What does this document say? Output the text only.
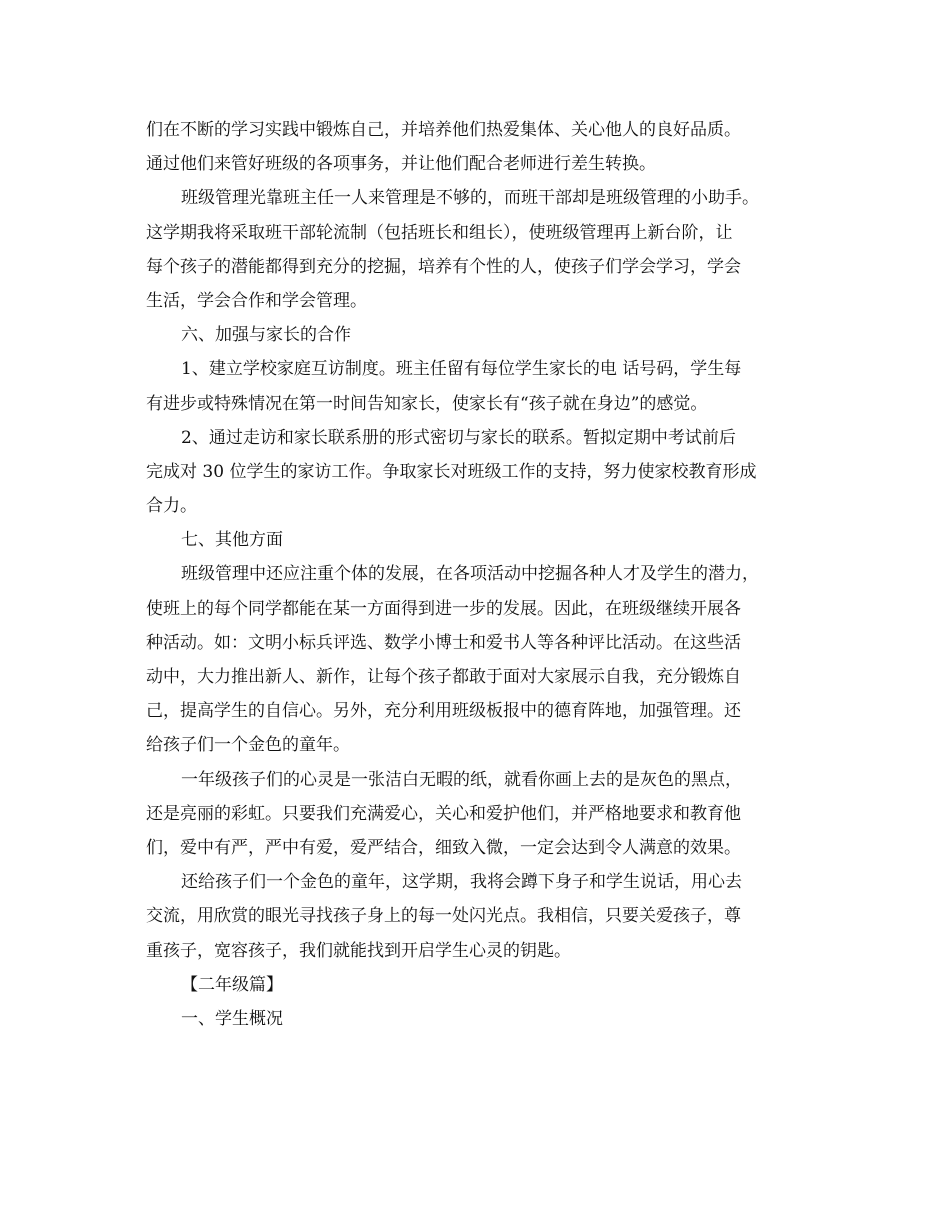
们在不断的学习实践中锻炼自己，并培养他们热爱集体、关心他人的良好品质。
通过他们来管好班级的各项事务，并让他们配合老师进行差生转换。
班级管理光靠班主任一人来管理是不够的，而班干部却是班级管理的小助手。
这学期我将采取班干部轮流制（包括班长和组长），使班级管理再上新台阶，让
每个孩子的潜能都得到充分的挖掘，培养有个性的人，使孩子们学会学习，学会
生活，学会合作和学会管理。
六、加强与家长的合作
1、建立学校家庭互访制度。班主任留有每位学生家长的电 话号码，学生每
有进步或特殊情况在第一时间告知家长，使家长有“孩子就在身边”的感觉。
2、通过走访和家长联系册的形式密切与家长的联系。暂拟定期中考试前后
完成对 30 位学生的家访工作。争取家长对班级工作的支持，努力使家校教育形成
合力。
七、其他方面
班级管理中还应注重个体的发展，在各项活动中挖掘各种人才及学生的潜力，
使班上的每个同学都能在某一方面得到进一步的发展。因此，在班级继续开展各
种活动。如：文明小标兵评选、数学小博士和爱书人等各种评比活动。在这些活
动中，大力推出新人、新作，让每个孩子都敢于面对大家展示自我，充分锻炼自
己，提高学生的自信心。另外，充分利用班级板报中的德育阵地，加强管理。还
给孩子们一个金色的童年。
一年级孩子们的心灵是一张洁白无暇的纸，就看你画上去的是灰色的黑点，
还是亮丽的彩虹。只要我们充满爱心，关心和爱护他们，并严格地要求和教育他
们，爱中有严，严中有爱，爱严结合，细致入微，一定会达到令人满意的效果。
还给孩子们一个金色的童年，这学期，我将会蹲下身子和学生说话，用心去
交流，用欣赏的眼光寻找孩子身上的每一处闪光点。我相信，只要关爱孩子，尊
重孩子，宽容孩子，我们就能找到开启学生心灵的钥匙。
【二年级篇】
一、学生概况
